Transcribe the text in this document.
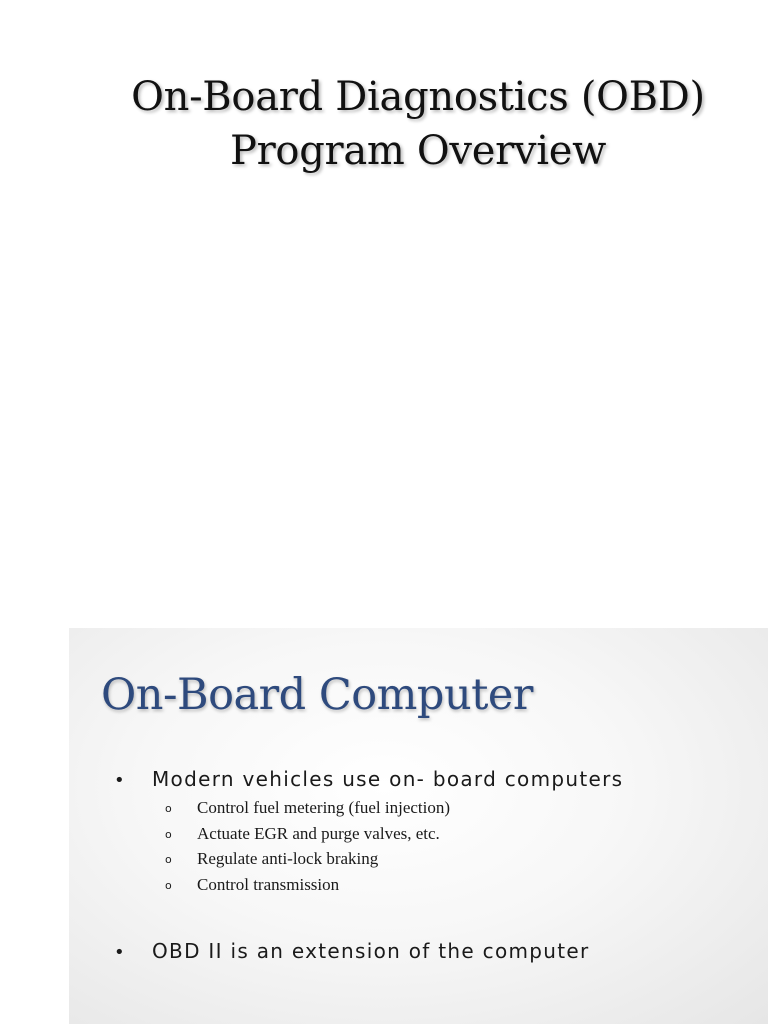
On-Board Diagnostics (OBD)
Program Overview
On-Board Computer
• Modern vehicles use on- board computers
o Control fuel metering (fuel injection)
o Actuate EGR and purge valves, etc.
o Regulate anti-lock braking
o Control transmission
• OBD II is an extension of the computer
